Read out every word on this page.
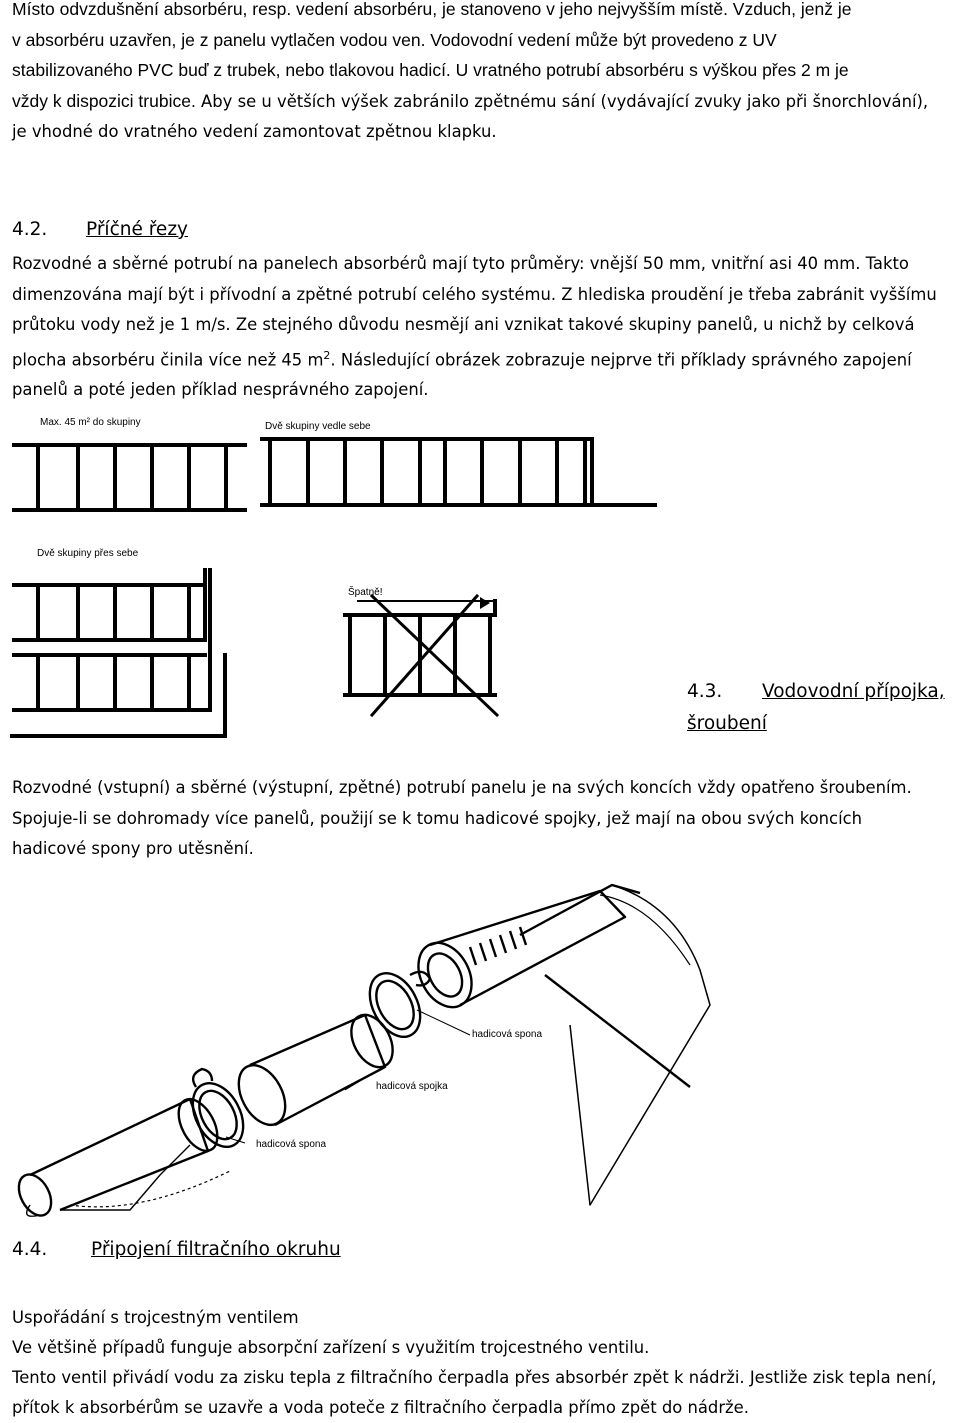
Místo odvzdušnění absorbéru, resp. vedení absorbéru, je stanoveno v jeho nejvyšším místě. Vzduch, jenž je
v absorbéru uzavřen, je z panelu vytlačen vodou ven. Vodovodní vedení může být provedeno z UV
stabilizovaného PVC buď z trubek, nebo tlakovou hadicí. U vratného potrubí absorbéru s výškou přes 2 m je
vždy k dispozici trubice. Aby se u větších výšek zabránilo zpětnému sání (vydávající zvuky jako při šnorchlování),
je vhodné do vratného vedení zamontovat zpětnou klapku.
4.2. Příčné řezy
Rozvodné a sběrné potrubí na panelech absorbérů mají tyto průměry: vnější 50 mm, vnitřní asi 40 mm. Takto
dimenzována mají být i přívodní a zpětné potrubí celého systému. Z hlediska proudění je třeba zabránit vyššímu
průtoku vody než je 1 m/s. Ze stejného důvodu nesmějí ani vznikat takové skupiny panelů, u nichž by celková
plocha absorbéru činila více než 45 $m^2$. Následující obrázek zobrazuje nejprve tři příklady správného zapojení
panelů a poté jeden příklad nesprávného zapojení.
Max. 45 m² do skupiny	Dvě skupiny vedle sebe
Dvě skupiny přes sebe
Špatně!
4.3. Vodovodní přípojka,
šroubení
Rozvodné (vstupní) a sběrné (výstupní, zpětné) potrubí panelu je na svých koncích vždy opatřeno šroubením.
Spojuje-li se dohromady více panelů, použijí se k tomu hadicové spojky, jež mají na obou svých koncích
hadicové spony pro utěsnění.
hadicová spona
hadicová spojka
hadicová spona
4.4. Připojení filtračního okruhu
Uspořádání s trojcestným ventilem
Ve většině případů funguje absorpční zařízení s využitím trojcestného ventilu.
Tento ventil přivádí vodu za zisku tepla z filtračního čerpadla přes absorbér zpět k nádrži. Jestliže zisk tepla není,
přítok k absorbérům se uzavře a voda poteče z filtračního čerpadla přímo zpět do nádrže.
